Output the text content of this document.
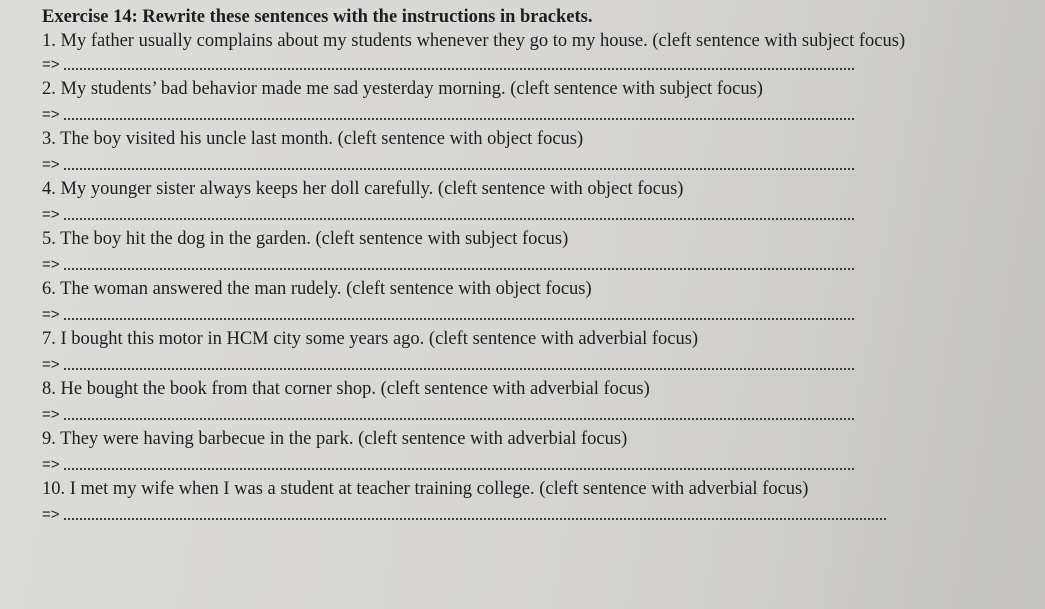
Exercise 14: Rewrite these sentences with the instructions in brackets.
1. My father usually complains about my students whenever they go to my house. (cleft sentence with subject focus)
=>
2. My students’ bad behavior made me sad yesterday morning. (cleft sentence with subject focus)
=>
3. The boy visited his uncle last month. (cleft sentence with object focus)
=>
4. My younger sister always keeps her doll carefully. (cleft sentence with object focus)
=>
5. The boy hit the dog in the garden. (cleft sentence with subject focus)
=>
6. The woman answered the man rudely. (cleft sentence with object focus)
=>
7. I bought this motor in HCM city some years ago. (cleft sentence with adverbial focus)
=>
8. He bought the book from that corner shop. (cleft sentence with adverbial focus)
=>
9. They were having barbecue in the park. (cleft sentence with adverbial focus)
=>
10. I met my wife when I was a student at teacher training college. (cleft sentence with adverbial focus)
=>
